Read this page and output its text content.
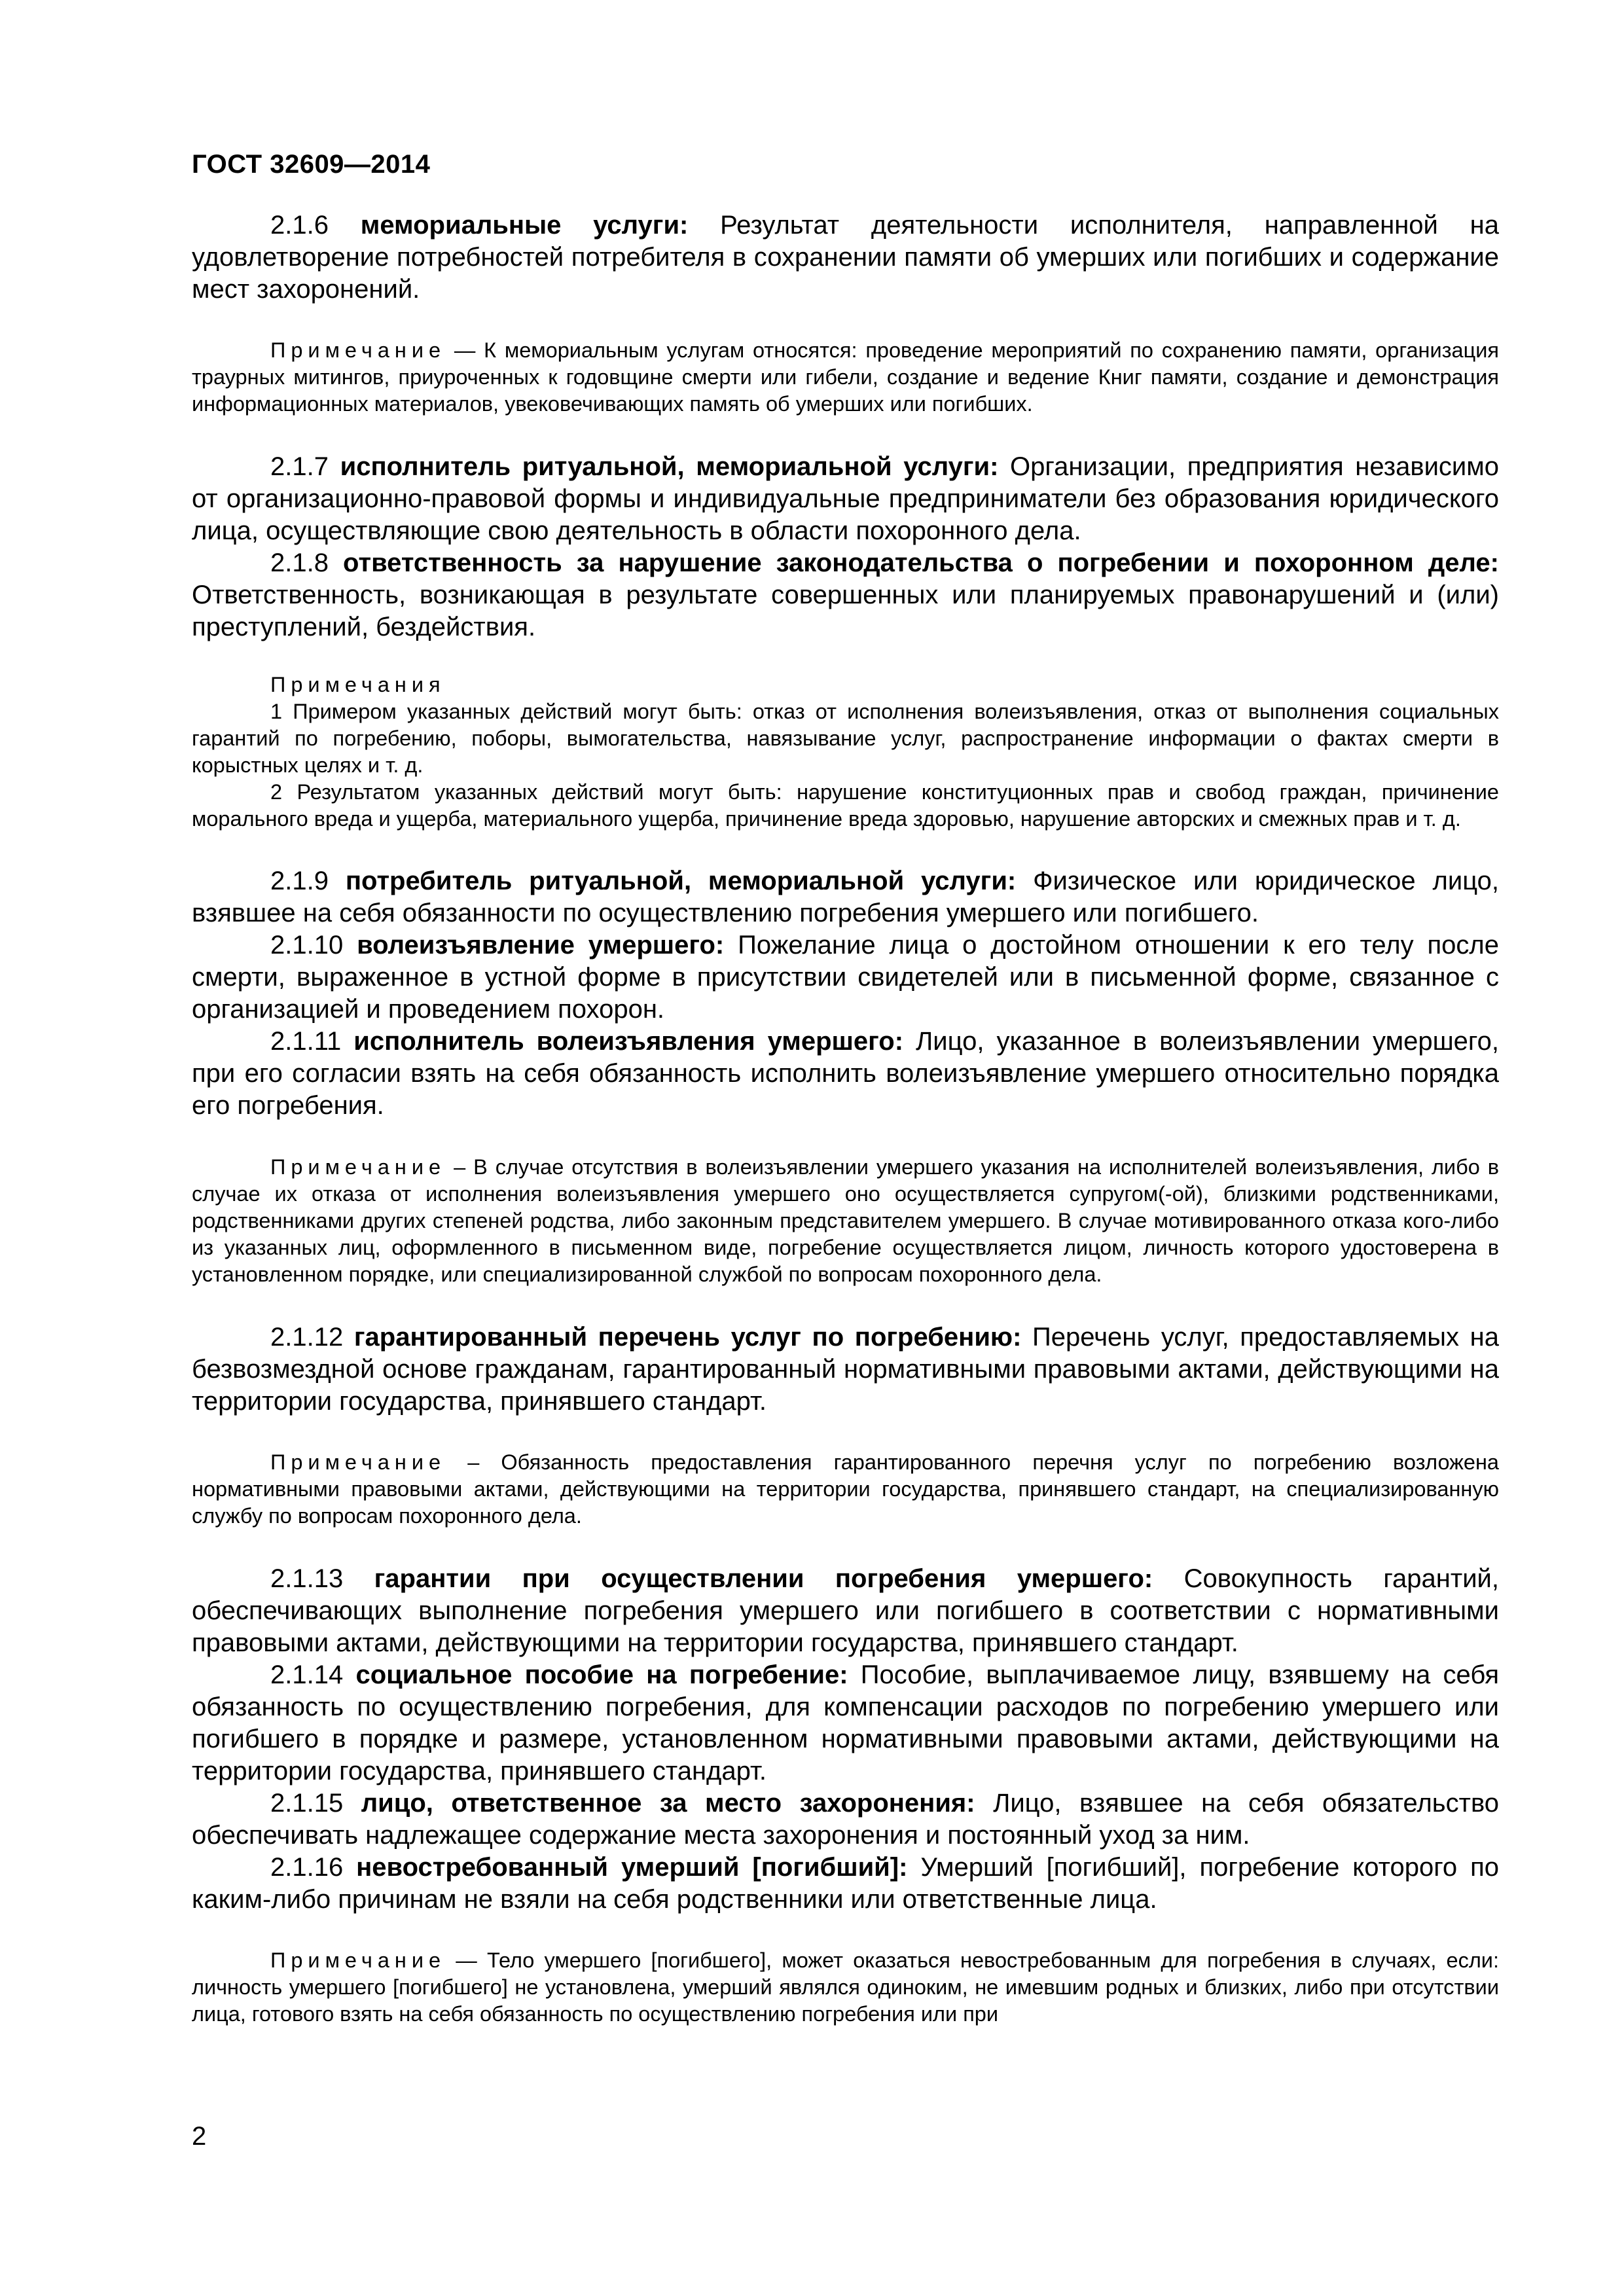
ГОСТ 32609—2014

2.1.6 мемориальные услуги: Результат деятельности исполнителя, направленной на удовлетворение потребностей потребителя в сохранении памяти об умерших или погибших и содержание мест захоронений.

Примечание — К мемориальным услугам относятся: проведение мероприятий по сохранению памяти, организация траурных митингов, приуроченных к годовщине смерти или гибели, создание и ведение Книг памяти, создание и демонстрация информационных материалов, увековечивающих память об умерших или погибших.

2.1.7 исполнитель ритуальной, мемориальной услуги: Организации, предприятия независимо от организационно-правовой формы и индивидуальные предприниматели без образования юридического лица, осуществляющие свою деятельность в области похоронного дела.

2.1.8 ответственность за нарушение законодательства о погребении и похоронном деле: Ответственность, возникающая в результате совершенных или планируемых правонарушений и (или) преступлений, бездействия.

Примечания

1 Примером указанных действий могут быть: отказ от исполнения волеизъявления, отказ от выполнения социальных гарантий по погребению, поборы, вымогательства, навязывание услуг, распространение информации о фактах смерти в корыстных целях и т. д.

2 Результатом указанных действий могут быть: нарушение конституционных прав и свобод граждан, причинение морального вреда и ущерба, материального ущерба, причинение вреда здоровью, нарушение авторских и смежных прав и т. д.

2.1.9 потребитель ритуальной, мемориальной услуги: Физическое или юридическое лицо, взявшее на себя обязанности по осуществлению погребения умершего или погибшего.

2.1.10 волеизъявление умершего: Пожелание лица о достойном отношении к его телу после смерти, выраженное в устной форме в присутствии свидетелей или в письменной форме, связанное с организацией и проведением похорон.

2.1.11 исполнитель волеизъявления умершего: Лицо, указанное в волеизъявлении умершего, при его согласии взять на себя обязанность исполнить волеизъявление умершего относительно порядка его погребения.

Примечание – В случае отсутствия в волеизъявлении умершего указания на исполнителей волеизъявления, либо в случае их отказа от исполнения волеизъявления умершего оно осуществляется супругом(-ой), близкими родственниками, родственниками других степеней родства, либо законным представителем умершего. В случае мотивированного отказа кого-либо из указанных лиц, оформленного в письменном виде, погребение осуществляется лицом, личность которого удостоверена в установленном порядке, или специализированной службой по вопросам похоронного дела.

2.1.12 гарантированный перечень услуг по погребению: Перечень услуг, предоставляемых на безвозмездной основе гражданам, гарантированный нормативными правовыми актами, действующими на территории государства, принявшего стандарт.

Примечание – Обязанность предоставления гарантированного перечня услуг по погребению возложена нормативными правовыми актами, действующими на территории государства, принявшего стандарт, на специализированную службу по вопросам похоронного дела.

2.1.13 гарантии при осуществлении погребения умершего: Совокупность гарантий, обеспечивающих выполнение погребения умершего или погибшего в соответствии с нормативными правовыми актами, действующими на территории государства, принявшего стандарт.

2.1.14 социальное пособие на погребение: Пособие, выплачиваемое лицу, взявшему на себя обязанность по осуществлению погребения, для компенсации расходов по погребению умершего или погибшего в порядке и размере, установленном нормативными правовыми актами, действующими на территории государства, принявшего стандарт.

2.1.15 лицо, ответственное за место захоронения: Лицо, взявшее на себя обязательство обеспечивать надлежащее содержание места захоронения и постоянный уход за ним.

2.1.16 невостребованный умерший [погибший]: Умерший [погибший], погребение которого по каким-либо причинам не взяли на себя родственники или ответственные лица.

Примечание — Тело умершего [погибшего], может оказаться невостребованным для погребения в случаях, если: личность умершего [погибшего] не установлена, умерший являлся одиноким, не имевшим родных и близких, либо при отсутствии лица, готового взять на себя обязанность по осуществлению погребения или при

2
